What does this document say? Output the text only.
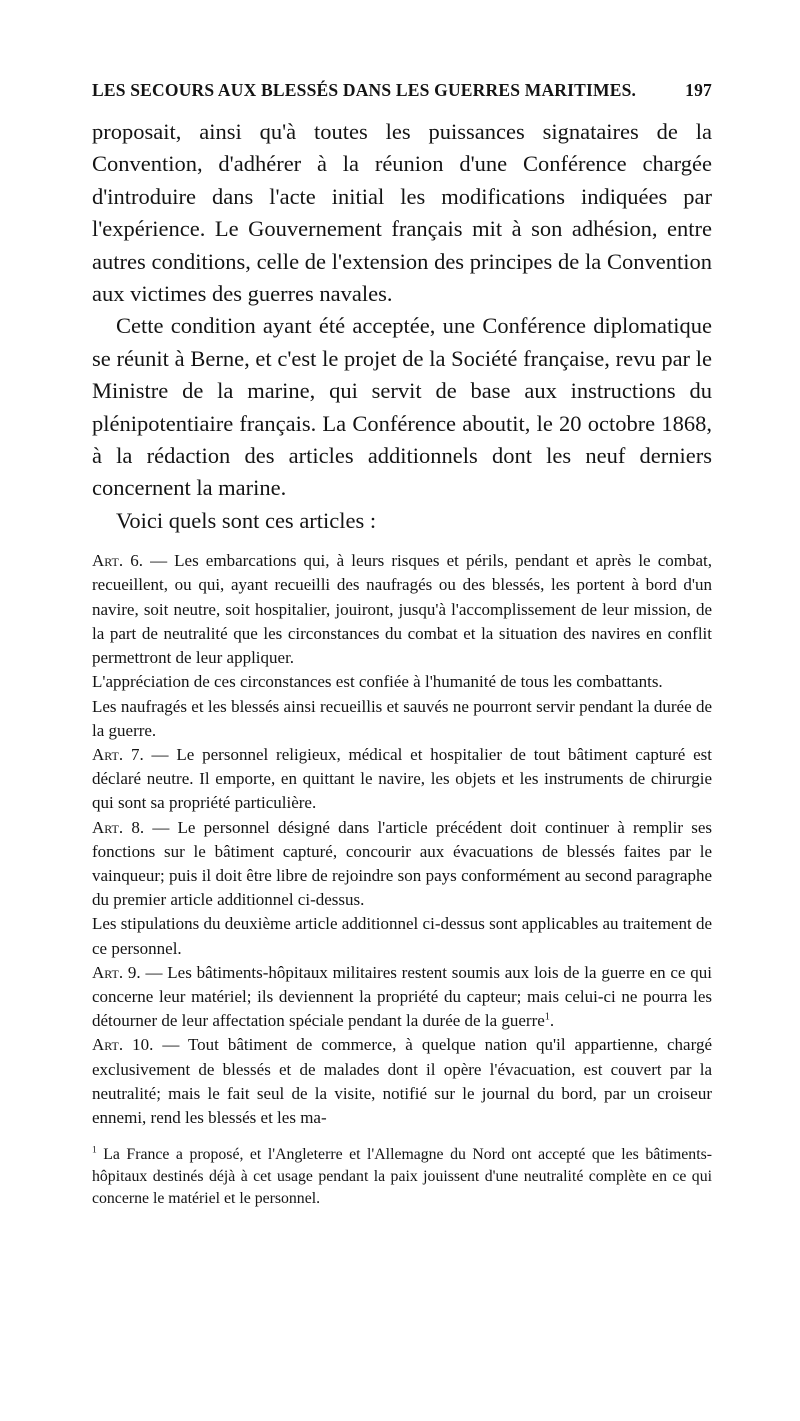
LES SECOURS AUX BLESSÉS DANS LES GUERRES MARITIMES.	197

proposait, ainsi qu'à toutes les puissances signataires de la Convention, d'adhérer à la réunion d'une Conférence chargée d'introduire dans l'acte initial les modifications indiquées par l'expérience. Le Gouvernement français mit à son adhésion, entre autres conditions, celle de l'extension des principes de la Convention aux victimes des guerres navales.

Cette condition ayant été acceptée, une Conférence diplomatique se réunit à Berne, et c'est le projet de la Société française, revu par le Ministre de la marine, qui servit de base aux instructions du plénipotentiaire français. La Conférence aboutit, le 20 octobre 1868, à la rédaction des articles additionnels dont les neuf derniers concernent la marine.

Voici quels sont ces articles :

Art. 6. — Les embarcations qui, à leurs risques et périls, pendant et après le combat, recueillent, ou qui, ayant recueilli des naufragés ou des blessés, les portent à bord d'un navire, soit neutre, soit hospitalier, jouiront, jusqu'à l'accomplissement de leur mission, de la part de neutralité que les circonstances du combat et la situation des navires en conflit permettront de leur appliquer.

L'appréciation de ces circonstances est confiée à l'humanité de tous les combattants.

Les naufragés et les blessés ainsi recueillis et sauvés ne pourront servir pendant la durée de la guerre.

Art. 7. — Le personnel religieux, médical et hospitalier de tout bâtiment capturé est déclaré neutre. Il emporte, en quittant le navire, les objets et les instruments de chirurgie qui sont sa propriété particulière.

Art. 8. — Le personnel désigné dans l'article précédent doit continuer à remplir ses fonctions sur le bâtiment capturé, concourir aux évacuations de blessés faites par le vainqueur; puis il doit être libre de rejoindre son pays conformément au second paragraphe du premier article additionnel ci-dessus.

Les stipulations du deuxième article additionnel ci-dessus sont applicables au traitement de ce personnel.

Art. 9. — Les bâtiments-hôpitaux militaires restent soumis aux lois de la guerre en ce qui concerne leur matériel; ils deviennent la propriété du capteur; mais celui-ci ne pourra les détourner de leur affectation spéciale pendant la durée de la guerre$^1$.

Art. 10. — Tout bâtiment de commerce, à quelque nation qu'il appartienne, chargé exclusivement de blessés et de malades dont il opère l'évacuation, est couvert par la neutralité; mais le fait seul de la visite, notifié sur le journal du bord, par un croiseur ennemi, rend les blessés et les ma-

$^1$ La France a proposé, et l'Angleterre et l'Allemagne du Nord ont accepté que les bâtiments-hôpitaux destinés déjà à cet usage pendant la paix jouissent d'une neutralité complète en ce qui concerne le matériel et le personnel.
